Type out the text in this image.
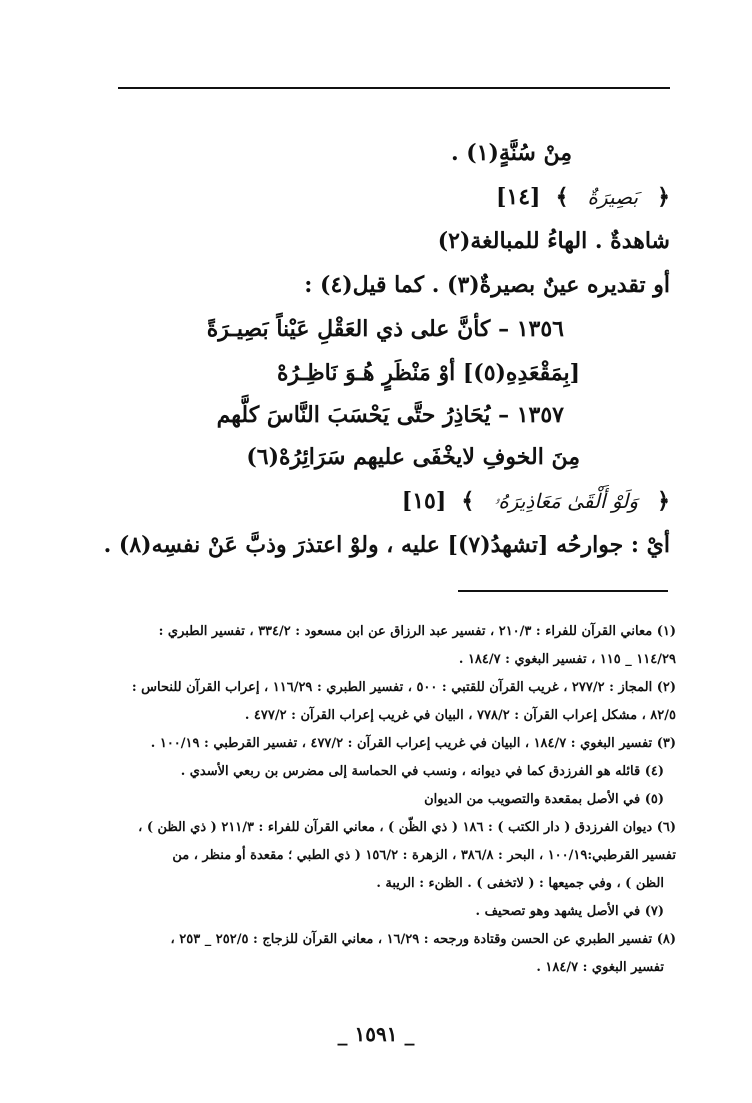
مِنْ سُنَّةٍ(١) .
﴿ بَصِيرَةٌ ﴾ [١٤]
شاهدةٌ . الهاءُ للمبالغة(٢)
أو تقديره عينٌ بصيرةٌ(٣) . كما قيل(٤) :
١٣٥٦ – كأنَّ على ذي العَقْلِ عَيْناً بَصِيـرَةً
[بِمَقْعَدِهِ(٥)] أوْ مَنْظَرٍ هُـوَ نَاظِـرُهْ
١٣٥٧ – يُحَاذِرُ حتَّى يَحْسَبَ النَّاسَ كلَّهم
مِنَ الخوفِ لايخْفَى عليهم سَرَائِرُهْ(٦)
﴿ وَلَوْ أَلْقَىٰ مَعَاذِيرَهُۥ ﴾ [١٥]
أيْ : جوارحُه [تشهدُ(٧)] عليه ، ولوْ اعتذرَ وذبَّ عَنْ نفسِه(٨) .
(١) معاني القرآن للفراء : ٢١٠/٣ ، تفسير عبد الرزاق عن ابن مسعود : ٣٣٤/٢ ، تفسير الطبري :
١١٤/٢٩ _ ١١٥ ، تفسير البغوي : ١٨٤/٧ .
(٢) المجاز : ٢٧٧/٢ ، غريب القرآن للقتبي : ٥٠٠ ، تفسير الطبري : ١١٦/٢٩ ، إعراب القرآن للنحاس :
٨٢/٥ ، مشكل إعراب القرآن : ٧٧٨/٢ ، البيان في غريب إعراب القرآن : ٤٧٧/٢ .
(٣) تفسير البغوي : ١٨٤/٧ ، البيان في غريب إعراب القرآن : ٤٧٧/٢ ، تفسير القرطبي : ١٠٠/١٩ .
(٤) قائله هو الفرزدق كما في ديوانه ، ونسب في الحماسة إلى مضرس بن ربعي الأسدي .
(٥) في الأصل بمقعدة والتصويب من الديوان
(٦) ديوان الفرزدق ( دار الكتب ) : ١٨٦ ( ذي الظّن ) ، معاني القرآن للفراء : ٢١١/٣ ( ذي الظن ) ،
تفسير القرطبي:١٠٠/١٩ ، البحر : ٣٨٦/٨ ، الزهرة : ١٥٦/٢ ( ذي الطبي ؛ مقعدة أو منظر ، من
الظن ) ، وفي جميعها : ( لاتخفى ) . الظنء : الريبة .
(٧) في الأصل يشهد وهو تصحيف .
(٨) تفسير الطبري عن الحسن وقتادة ورجحه : ١٦/٢٩ ، معاني القرآن للزجاج : ٢٥٢/٥ _ ٢٥٣ ،
تفسير البغوي : ١٨٤/٧ .
_ ١٥٩١ _
